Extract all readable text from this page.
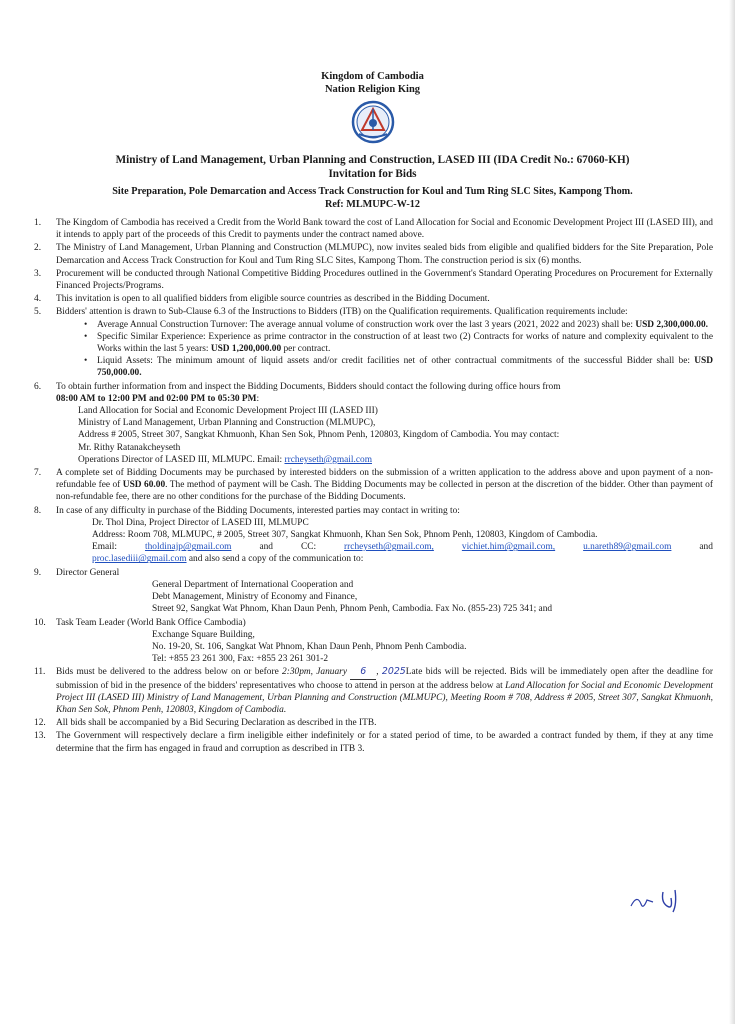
Kingdom of Cambodia
Nation Religion King
Ministry of Land Management, Urban Planning and Construction, LASED III (IDA Credit No.: 67060-KH)
Invitation for Bids
Site Preparation, Pole Demarcation and Access Track Construction for Koul and Tum Ring SLC Sites, Kampong Thom.
Ref: MLMUPC-W-12
1. The Kingdom of Cambodia has received a Credit from the World Bank toward the cost of Land Allocation for Social and Economic Development Project III (LASED III), and it intends to apply part of the proceeds of this Credit to payments under the contract named above.
2. The Ministry of Land Management, Urban Planning and Construction (MLMUPC), now invites sealed bids from eligible and qualified bidders for the Site Preparation, Pole Demarcation and Access Track Construction for Koul and Tum Ring SLC Sites, Kampong Thom. The construction period is six (6) months.
3. Procurement will be conducted through National Competitive Bidding Procedures outlined in the Government's Standard Operating Procedures on Procurement for Externally Financed Projects/Programs.
4. This invitation is open to all qualified bidders from eligible source countries as described in the Bidding Document.
5. Bidders' attention is drawn to Sub-Clause 6.3 of the Instructions to Bidders (ITB) on the Qualification requirements. Qualification requirements include:
• Average Annual Construction Turnover: The average annual volume of construction work over the last 3 years (2021, 2022 and 2023) shall be: USD 2,300,000.00.
• Specific Similar Experience: Experience as prime contractor in the construction of at least two (2) Contracts for works of nature and complexity equivalent to the Works within the last 5 years: USD 1,200,000.00 per contract.
• Liquid Assets: The minimum amount of liquid assets and/or credit facilities net of other contractual commitments of the successful Bidder shall be: USD 750,000.00.
6. To obtain further information from and inspect the Bidding Documents, Bidders should contact the following during office hours from
08:00 AM to 12:00 PM and 02:00 PM to 05:30 PM:
Land Allocation for Social and Economic Development Project III (LASED III)
Ministry of Land Management, Urban Planning and Construction (MLMUPC),
Address # 2005, Street 307, Sangkat Khmuonh, Khan Sen Sok, Phnom Penh, 120803, Kingdom of Cambodia. You may contact:
Mr. Rithy Ratanakcheyseth
Operations Director of LASED III, MLMUPC. Email: rrcheyseth@gmail.com
7. A complete set of Bidding Documents may be purchased by interested bidders on the submission of a written application to the address above and upon payment of a non-refundable fee of USD 60.00. The method of payment will be Cash. The Bidding Documents may be collected in person at the discretion of the bidder. Other than payment of non-refundable fee, there are no other conditions for the purchase of the Bidding Documents.
8. In case of any difficulty in purchase of the Bidding Documents, interested parties may contact in writing to:
Dr. Thol Dina, Project Director of LASED III, MLMUPC
Address: Room 708, MLMUPC, # 2005, Street 307, Sangkat Khmuonh, Khan Sen Sok, Phnom Penh, 120803, Kingdom of Cambodia.
Email:	tholdinajp@gmail.com	and	CC:	rrcheyseth@gmail.com,	vichiet.him@gmail.com,	u.nareth89@gmail.com	and
proc.lasediii@gmail.com and also send a copy of the communication to:
9. Director General
General Department of International Cooperation and
Debt Management, Ministry of Economy and Finance,
Street 92, Sangkat Wat Phnom, Khan Daun Penh, Phnom Penh, Cambodia. Fax No. (855-23) 725 341; and
10. Task Team Leader (World Bank Office Cambodia)
Exchange Square Building,
No. 19-20, St. 106, Sangkat Wat Phnom, Khan Daun Penh, Phnom Penh Cambodia.
Tel: +855 23 261 300, Fax: +855 23 261 301-2
11. Bids must be delivered to the address below on or before 2:30pm, January 6 , 2025Late bids will be rejected. Bids will be immediately open after the deadline for submission of bid in the presence of the bidders' representatives who choose to attend in person at the address below at Land Allocation for Social and Economic Development Project III (LASED III) Ministry of Land Management, Urban Planning and Construction (MLMUPC), Meeting Room # 708, Address # 2005, Street 307, Sangkat Khmuonh, Khan Sen Sok, Phnom Penh, 120803, Kingdom of Cambodia.
12. All bids shall be accompanied by a Bid Securing Declaration as described in the ITB.
13. The Government will respectively declare a firm ineligible either indefinitely or for a stated period of time, to be awarded a contract funded by them, if they at any time determine that the firm has engaged in fraud and corruption as described in ITB 3.
